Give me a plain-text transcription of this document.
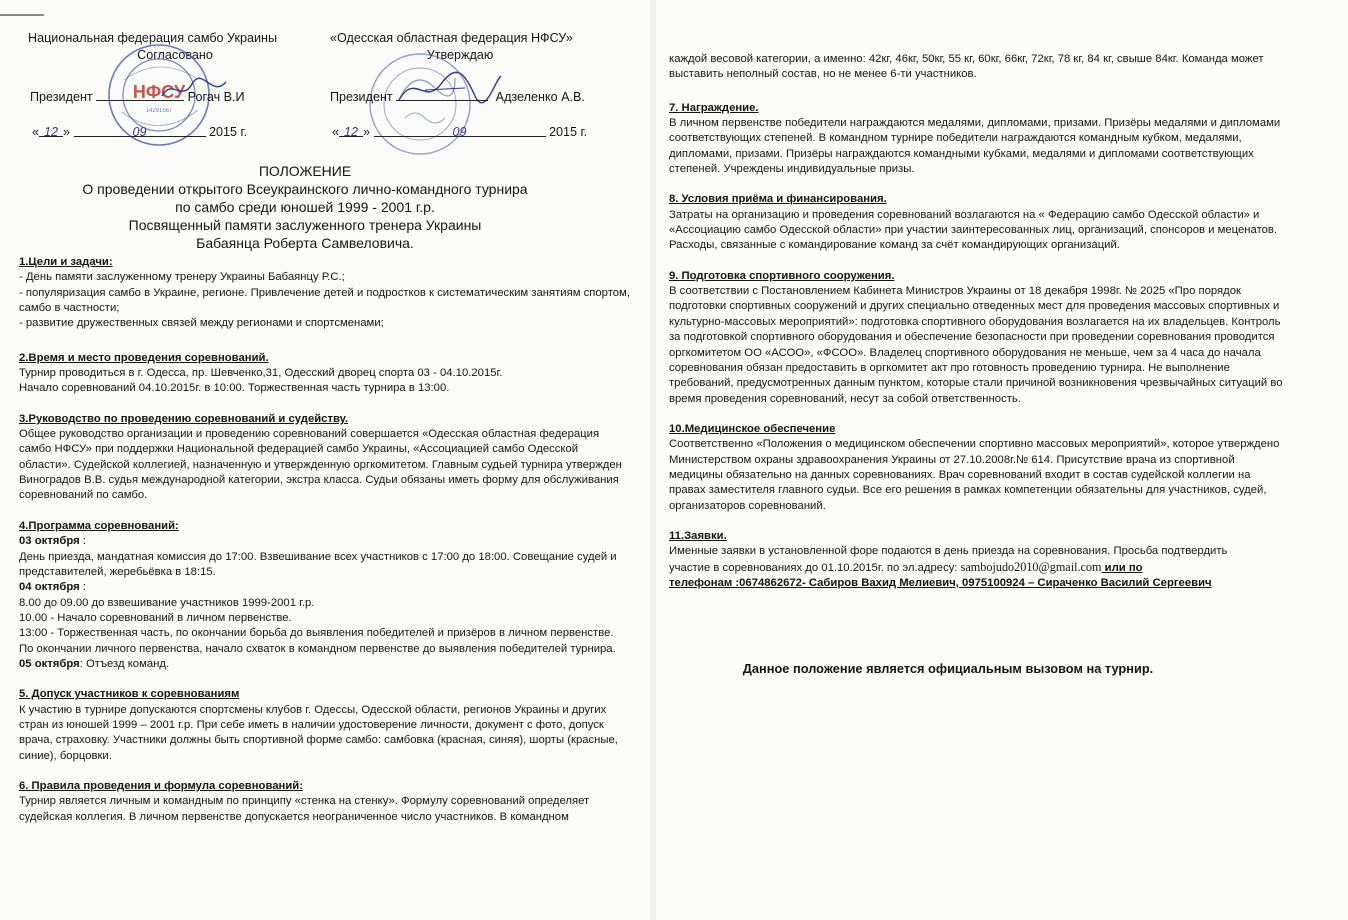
Национальная федерация самбо Украины
Согласовано
«Одесская областная федерация НФСУ»
Утверждаю
НФСУ
14291567
Президент	Рогач В.И	Президент	Адзеленко А.В.
« 12 »	09	2015 г.	« 12 »	09	2015 г.
ПОЛОЖЕНИЕ
О проведении открытого Всеукраинского лично-командного турнира
по самбо среди юношей 1999 - 2001 г.р.
Посвященный памяти заслуженного тренера Украины
Бабаянца Роберта Самвеловича.
1.Цели и задачи:
- День памяти заслуженному тренеру Украины Бабаянцу Р.С.;
- популяризация самбо в Украине, регионе. Привлечение детей и подростков к систематическим занятиям спортом, самбо в частности;
- развитие дружественных связей между регионами и спортсменами;
2.Время и место проведения соревнований.
Турнир проводиться в г. Одесса, пр. Шевченко,31, Одесский дворец спорта 03 - 04.10.2015г.
Начало соревнований 04.10.2015г. в 10:00. Торжественная часть турнира в 13:00.
3.Руководство по проведению соревнований и судейству.
Общее руководство организации и проведению соревнований совершается «Одесская областная федерация самбо НФСУ» при поддержки Национальной федерацией самбо Украины, «Ассоциацией самбо Одесской области». Судейской коллегией, назначенную и утвержденную оргкомитетом. Главным судьей турнира утвержден Виноградов В.В. судья международной категории, экстра класса. Судьи обязаны иметь форму для обслуживания соревнований по самбо.
4.Программа соревнований:
03 октября :
День приезда, мандатная комиссия до 17:00. Взвешивание всех участников с 17:00 до 18:00. Совещание судей и представителей, жеребьёвка в 18:15.
04 октября :
8.00 до 09.00 до взвешивание участников 1999-2001 г.р.
10.00 - Начало соревнований в личном первенстве.
13:00 - Торжественная часть, по окончании борьба до выявления победителей и призёров в личном первенстве. По окончании личного первенства, начало схваток в командном первенстве до выявления победителей турнира.
05 октября: Отъезд команд.
5. Допуск участников к соревнованиям
К участию в турнире допускаются спортсмены клубов г. Одессы, Одесской области, регионов Украины и других стран из юношей 1999 – 2001 г.р. При себе иметь в наличии удостоверение личности, документ с фото, допуск врача, страховку. Участники должны быть спортивной форме самбо: самбовка (красная, синяя), шорты (красные, синие), борцовки.
6. Правила проведения и формула соревнований:
Турнир является личным и командным по принципу «стенка на стенку». Формулу соревнований определяет судейская коллегия. В личном первенстве допускается неограниченное число участников. В командном
каждой весовой категории, а именно: 42кг, 46кг, 50кг, 55 кг, 60кг, 66кг, 72кг, 78 кг, 84 кг, свыше 84кг. Команда может выставить неполный состав, но не менее 6-ти участников.
7. Награждение.
В личном первенстве победители награждаются медалями, дипломами, призами. Призёры медалями и дипломами соответствующих степеней. В командном турнире победители награждаются командным кубком, медалями, дипломами, призами. Призёры награждаются командными кубками, медалями и дипломами соответствующих степеней. Учреждены индивидуальные призы.
8. Условия приёма и финансирования.
Затраты на организацию и проведения соревнований возлагаются на « Федерацию самбо Одесской области» и «Ассоциацию самбо Одесской области» при участии заинтересованных лиц, организаций, спонсоров и меценатов. Расходы, связанные с командирование команд за счёт командирующих организаций.
9. Подготовка спортивного сооружения.
В соответствии с Постановлением Кабинета Министров Украины от 18 декабря 1998г. № 2025 «Про порядок подготовки спортивных сооружений и других специально отведенных мест для проведения массовых спортивных и культурно-массовых мероприятий»: подготовка спортивного оборудования возлагается на их владельцев. Контроль за подготовкой спортивного оборудования и обеспечение безопасности при проведении соревнования проводится оргкомитетом ОО «АСОО», «ФСОО». Владелец спортивного оборудования не меньше, чем за 4 часа до начала соревнования обязан предоставить в оргкомитет акт про готовность проведению турнира. Не выполнение требований, предусмотренных данным пунктом, которые стали причиной возникновения чрезвычайных ситуаций во время проведения соревнований, несут за собой ответственность.
10.Медицинское обеспечение
Соответственно «Положения о медицинском обеспечении спортивно массовых мероприятий», которое утверждено Министерством охраны здравоохранения Украины от 27.10.2008г.№ 614. Присутствие врача из спортивной медицины обязательно на данных соревнованиях. Врач соревнований входит в состав судейской коллегии на правах заместителя главного судьи. Все его решения в рамках компетенции обязательны для участников, судей, организаторов соревнований.
11.Заявки.
Именные заявки в установленной форе подаются в день приезда на соревнования. Просьба подтвердить
участие в соревнованиях до 01.10.2015г. по эл.адресу: sambojudo2010@gmail.com или по
телефонам :0674862672- Сабиров Вахид Мелиевич, 0975100924 – Сираченко Василий Сергеевич
Данное положение является официальным вызовом на турнир.
